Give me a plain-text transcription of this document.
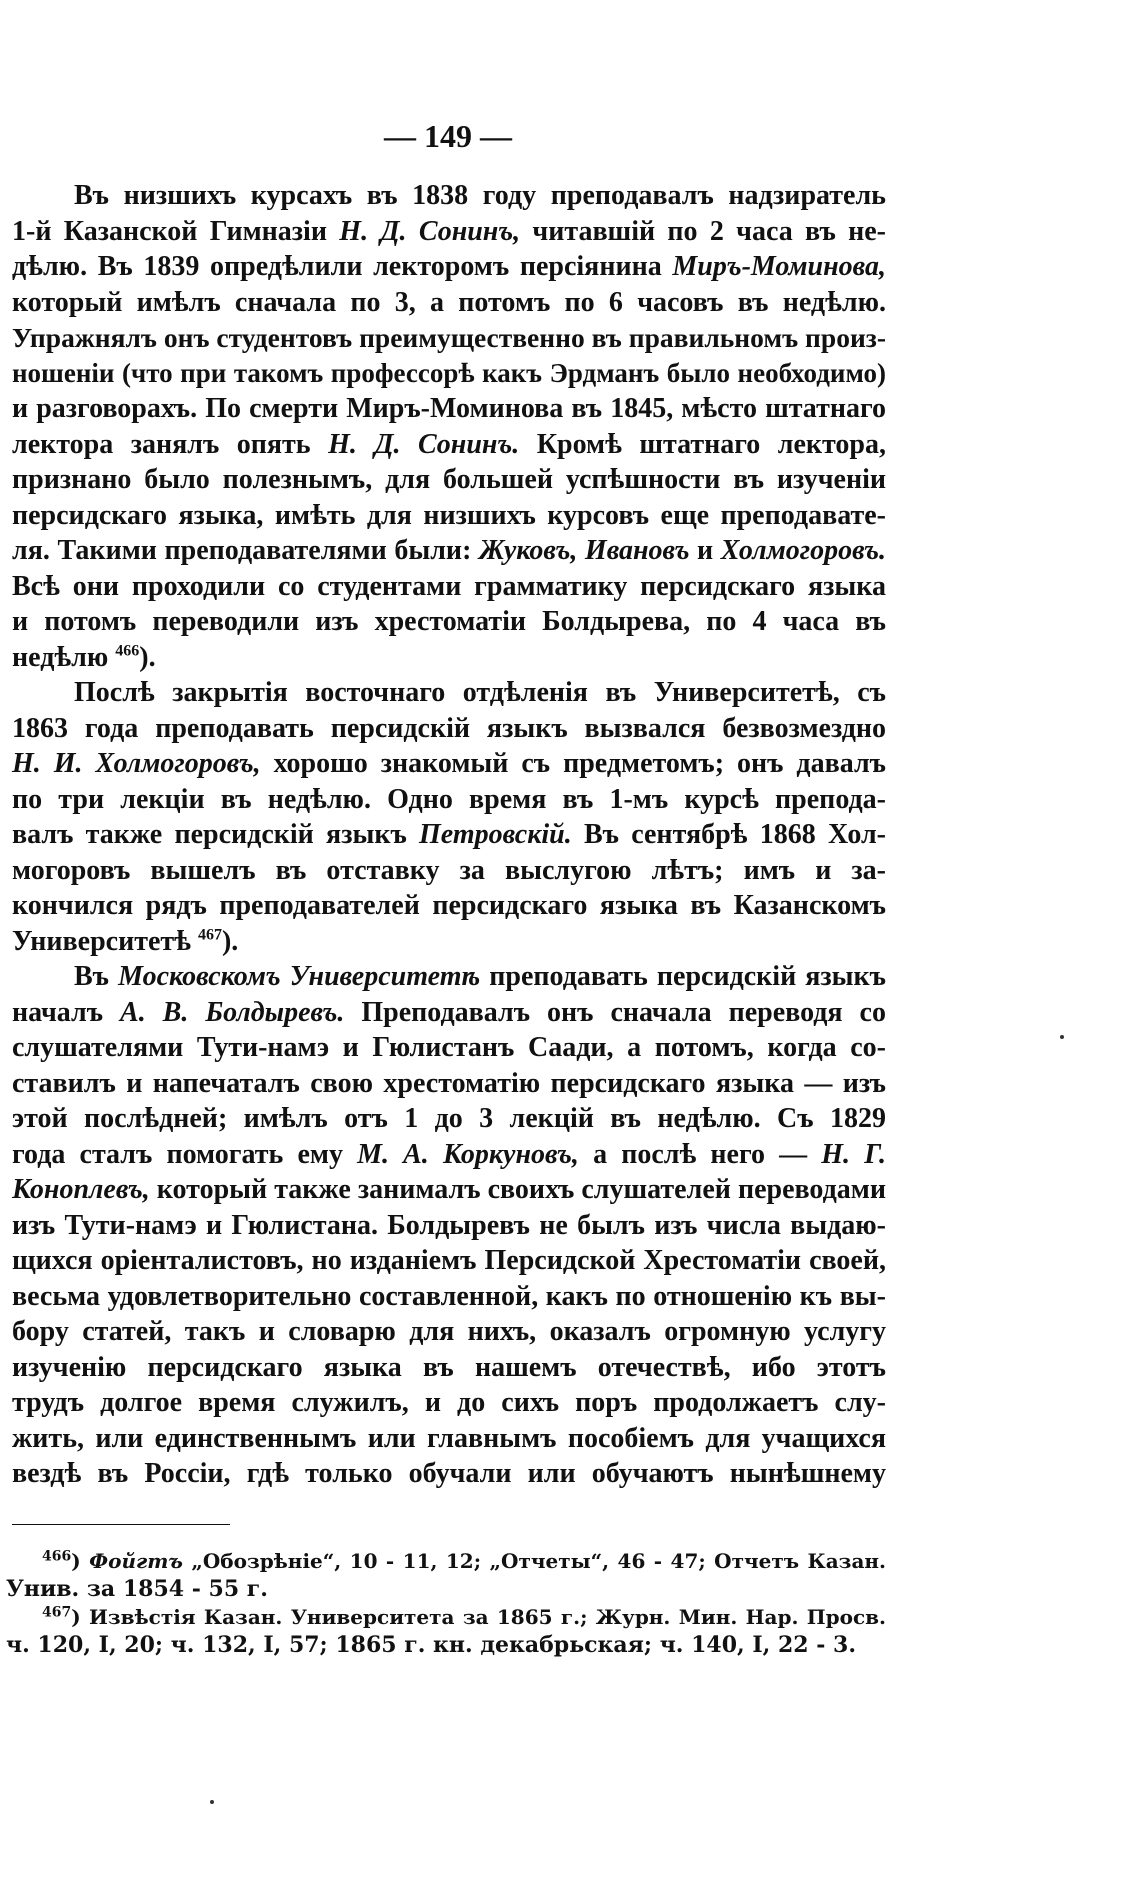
— 149 —
Въ низшихъ курсахъ въ 1838 году преподавалъ надзиратель
1-й Казанской Гимназіи Н. Д. Сонинъ, читавшій по 2 часа въ не-
дѣлю. Въ 1839 опредѣлили лекторомъ персіянина Миръ-Моминова,
который имѣлъ сначала по 3, а потомъ по 6 часовъ въ недѣлю.
Упражнялъ онъ студентовъ преимущественно въ правильномъ произ-
ношеніи (что при такомъ профессорѣ какъ Эрдманъ было необходимо)
и разговорахъ. По смерти Миръ-Моминова въ 1845, мѣсто штатнаго
лектора занялъ опять Н. Д. Сонинъ. Кромѣ штатнаго лектора,
признано было полезнымъ, для большей успѣшности въ изученіи
персидскаго языка, имѣть для низшихъ курсовъ еще преподавате-
ля. Такими преподавателями были: Жуковъ, Ивановъ и Холмогоровъ.
Всѣ они проходили со студентами грамматику персидскаго языка
и потомъ переводили изъ хрестоматіи Болдырева, по 4 часа въ
недѣлю $^{466}$).
Послѣ закрытія восточнаго отдѣленія въ Университетѣ, съ
1863 года преподавать персидскій языкъ вызвался безвозмездно
Н. И. Холмогоровъ, хорошо знакомый съ предметомъ; онъ давалъ
по три лекціи въ недѣлю. Одно время въ 1-мъ курсѣ препода-
валъ также персидскій языкъ Петровскій. Въ сентябрѣ 1868 Хол-
могоровъ вышелъ въ отставку за выслугою лѣтъ; имъ и за-
кончился рядъ преподавателей персидскаго языка въ Казанскомъ
Университетѣ $^{467}$).
Въ Московскомъ Университетѣ преподавать персидскій языкъ
началъ А. В. Болдыревъ. Преподавалъ онъ сначала переводя со
слушателями Тути-намэ и Гюлистанъ Саади, а потомъ, когда со-
ставилъ и напечаталъ свою хрестоматію персидскаго языка — изъ
этой послѣдней; имѣлъ отъ 1 до 3 лекцій въ недѣлю. Съ 1829
года сталъ помогать ему М. А. Коркуновъ, а послѣ него — Н. Г.
Коноплевъ, который также занималъ своихъ слушателей переводами
изъ Тути-намэ и Гюлистана. Болдыревъ не былъ изъ числа выдаю-
щихся оріенталистовъ, но изданіемъ Персидской Хрестоматіи своей,
весьма удовлетворительно составленной, какъ по отношенію къ вы-
бору статей, такъ и словарю для нихъ, оказалъ огромную услугу
изученію персидскаго языка въ нашемъ отечествѣ, ибо этотъ
трудъ долгое время служилъ, и до сихъ поръ продолжаетъ слу-
жить, или единственнымъ или главнымъ пособіемъ для учащихся
вездѣ въ Россіи, гдѣ только обучали или обучаютъ нынѣшнему
$^{466}$) Фойгтъ „Обозрѣніе“, 10 - 11, 12; „Отчеты“, 46 - 47; Отчетъ Казан.
Унив. за 1854 - 55 г.
$^{467}$) Извѣстія Казан. Университета за 1865 г.; Журн. Мин. Нар. Просв.
ч. 120, I, 20; ч. 132, I, 57; 1865 г. кн. декабрьская; ч. 140, I, 22 - 3.
